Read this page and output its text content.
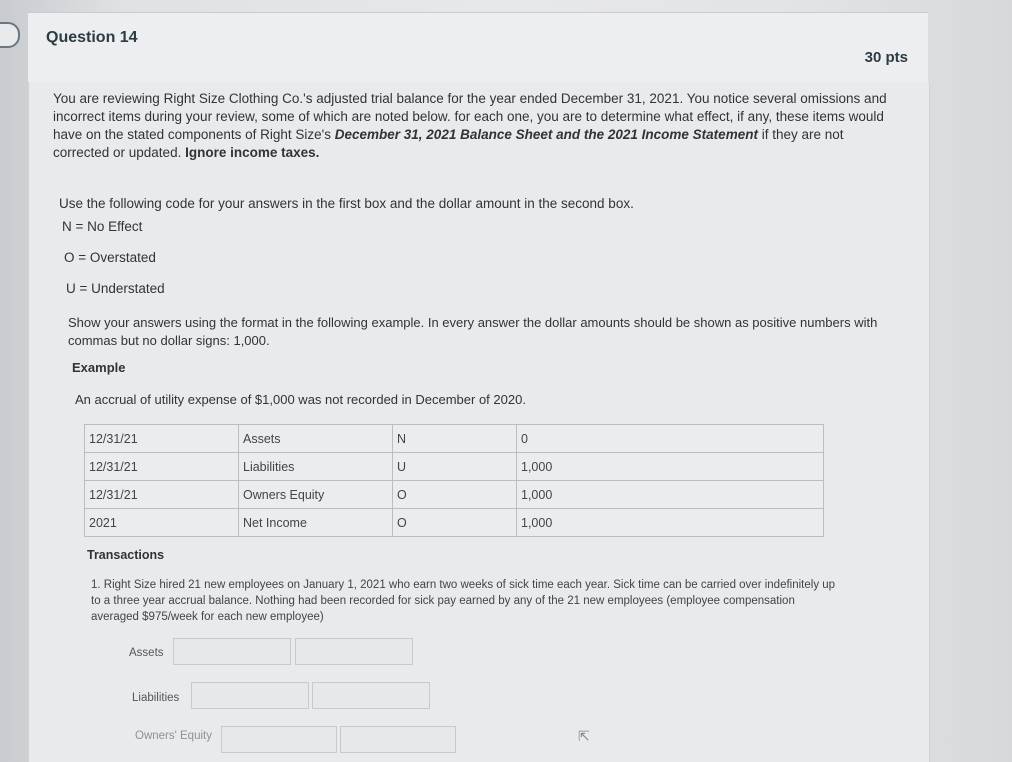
Question 14
30 pts
You are reviewing Right Size Clothing Co.'s adjusted trial balance for the year ended December 31, 2021. You notice several omissions and incorrect items during your review, some of which are noted below. for each one, you are to determine what effect, if any, these items would have on the stated components of Right Size's December 31, 2021 Balance Sheet and the 2021 Income Statement if they are not corrected or updated. Ignore income taxes.
Use the following code for your answers in the first box and the dollar amount in the second box.
N = No Effect
O = Overstated
U = Understated
Show your answers using the format in the following example. In every answer the dollar amounts should be shown as positive numbers with commas but no dollar signs: 1,000.
Example
An accrual of utility expense of $1,000 was not recorded in December of 2020.
12/31/21	Assets	N	0
12/31/21	Liabilities	U	1,000
12/31/21	Owners Equity	O	1,000
2021	Net Income	O	1,000
Transactions
1. Right Size hired 21 new employees on January 1, 2021 who earn two weeks of sick time each year. Sick time can be carried over indefinitely up to a three year accrual balance. Nothing had been recorded for sick pay earned by any of the 21 new employees (employee compensation averaged $975/week for each new employee)
Assets
Liabilities
Owners' Equity	⇱
